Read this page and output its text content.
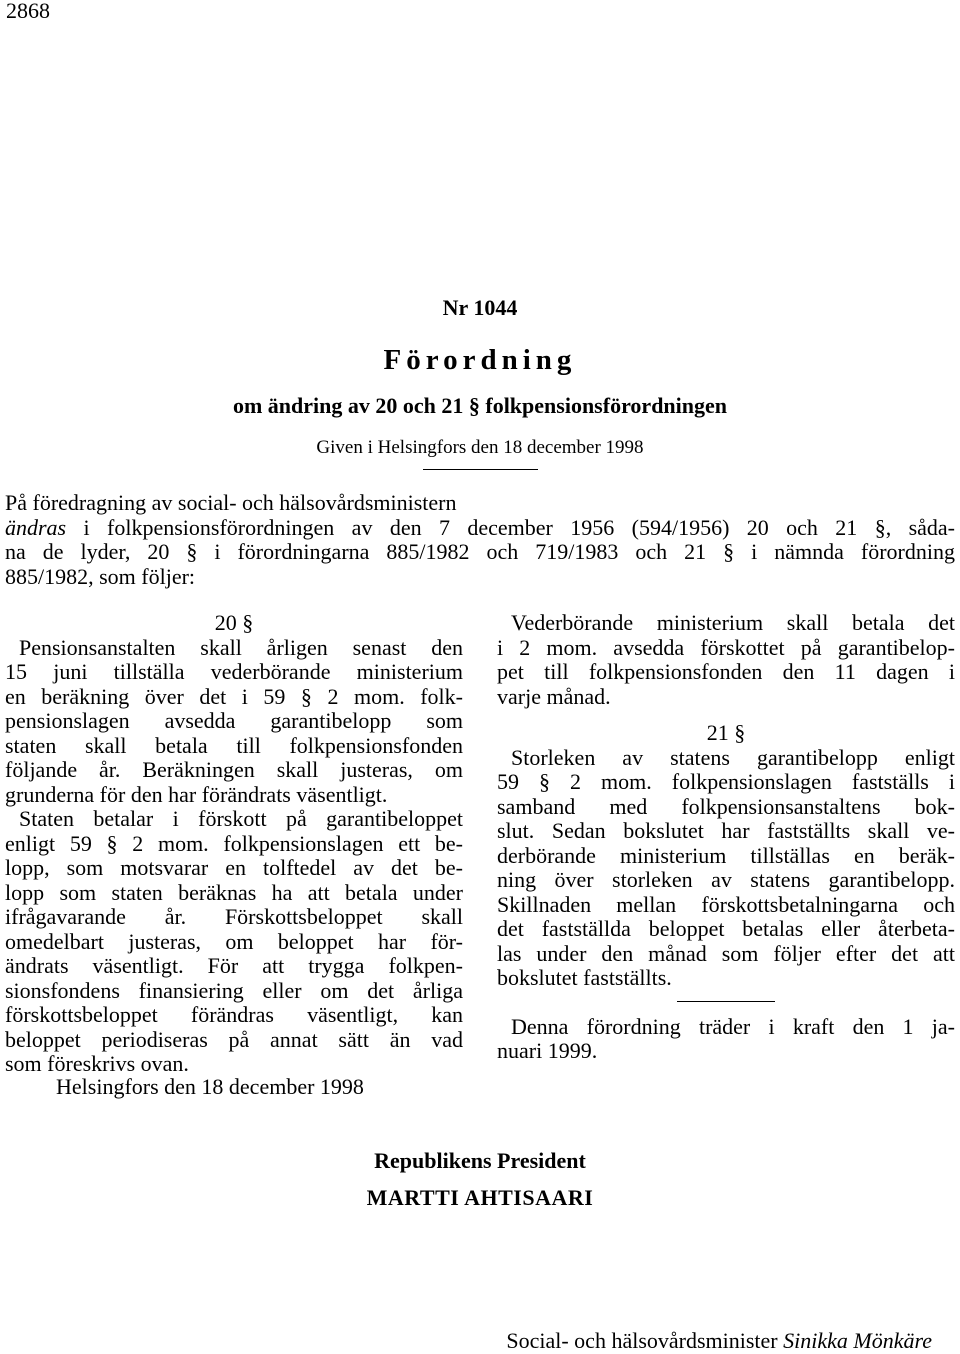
2868
Nr 1044
Förordning
om ändring av 20 och 21 § folkpensionsförordningen
Given i Helsingfors den 18 december 1998
På föredragning av social- och hälsovårdsministern
ändras i folkpensionsförordningen av den 7 december 1956 (594/1956) 20 och 21 §, såda-
na de lyder, 20 § i förordningarna 885/1982 och 719/1983 och 21 § i nämnda förordning
885/1982, som följer:
20 §
Pensionsanstalten skall årligen senast den
15 juni tillställa vederbörande ministerium
en beräkning över det i 59 § 2 mom. folk-
pensionslagen avsedda garantibelopp som
staten skall betala till folkpensionsfonden
följande år. Beräkningen skall justeras, om
grunderna för den har förändrats väsentligt.
Staten betalar i förskott på garantibeloppet
enligt 59 § 2 mom. folkpensionslagen ett be-
lopp, som motsvarar en tolftedel av det be-
lopp som staten beräknas ha att betala under
ifrågavarande år. Förskottsbeloppet skall
omedelbart justeras, om beloppet har för-
ändrats väsentligt. För att trygga folkpen-
sionsfondens finansiering eller om det årliga
förskottsbeloppet förändras väsentligt, kan
beloppet periodiseras på annat sätt än vad
som föreskrivs ovan.
Vederbörande ministerium skall betala det
i 2 mom. avsedda förskottet på garantibelop-
pet till folkpensionsfonden den 11 dagen i
varje månad.
21 §
Storleken av statens garantibelopp enligt
59 § 2 mom. folkpensionslagen fastställs i
samband med folkpensionsanstaltens bok-
slut. Sedan bokslutet har fastställts skall ve-
derbörande ministerium tillställas en beräk-
ning över storleken av statens garantibelopp.
Skillnaden mellan förskottsbetalningarna och
det fastställda beloppet betalas eller återbeta-
las under den månad som följer efter det att
bokslutet fastställts.
Denna förordning träder i kraft den 1 ja-
nuari 1999.
Helsingfors den 18 december 1998
Republikens President
MARTTI AHTISAARI
Social- och hälsovårdsminister Sinikka Mönkäre
